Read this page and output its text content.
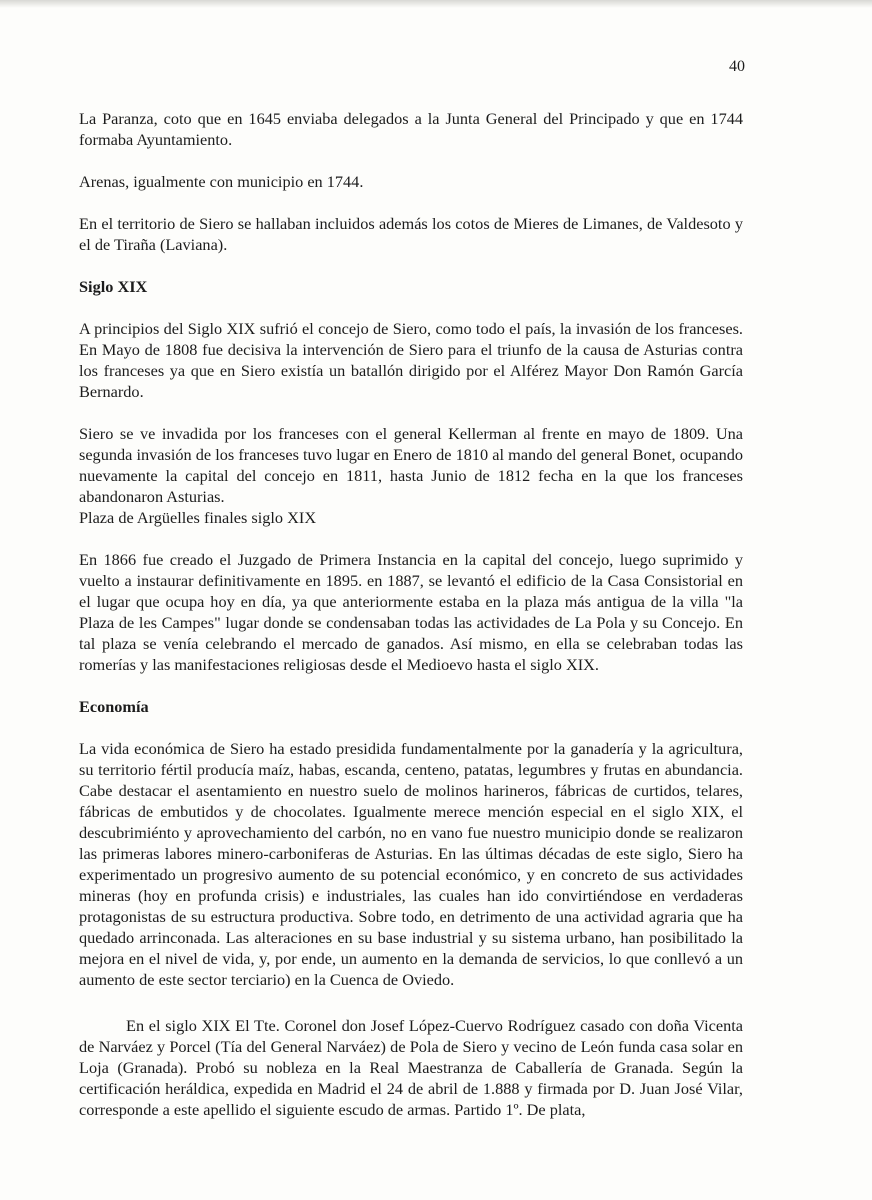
40

La Paranza, coto que en 1645 enviaba delegados a la Junta General del Principado y que en 1744 formaba Ayuntamiento.

Arenas, igualmente con municipio en 1744.

En el territorio de Siero se hallaban incluidos además los cotos de Mieres de Limanes, de Valdesoto y el de Tiraña (Laviana).

Siglo XIX

A principios del Siglo XIX sufrió el concejo de Siero, como todo el país, la invasión de los franceses. En Mayo de 1808 fue decisiva la intervención de Siero para el triunfo de la causa de Asturias contra los franceses ya que en Siero existía un batallón dirigido por el Alférez Mayor Don Ramón García Bernardo.

Siero se ve invadida por los franceses con el general Kellerman al frente en mayo de 1809. Una segunda invasión de los franceses tuvo lugar en Enero de 1810 al mando del general Bonet, ocupando nuevamente la capital del concejo en 1811, hasta Junio de 1812 fecha en la que los franceses abandonaron Asturias.

Plaza de Argüelles finales siglo XIX

En 1866 fue creado el Juzgado de Primera Instancia en la capital del concejo, luego suprimido y vuelto a instaurar definitivamente en 1895. en 1887, se levantó el edificio de la Casa Consistorial en el lugar que ocupa hoy en día, ya que anteriormente estaba en la plaza más antigua de la villa "la Plaza de les Campes" lugar donde se condensaban todas las actividades de La Pola y su Concejo. En tal plaza se venía celebrando el mercado de ganados. Así mismo, en ella se celebraban todas las romerías y las manifestaciones religiosas desde el Medioevo hasta el siglo XIX.

Economía

La vida económica de Siero ha estado presidida fundamentalmente por la ganadería y la agricultura, su territorio fértil producía maíz, habas, escanda, centeno, patatas, legumbres y frutas en abundancia. Cabe destacar el asentamiento en nuestro suelo de molinos harineros, fábricas de curtidos, telares, fábricas de embutidos y de chocolates. Igualmente merece mención especial en el siglo XIX, el descubrimiénto y aprovechamiento del carbón, no en vano fue nuestro municipio donde se realizaron las primeras labores minero-carboniferas de Asturias. En las últimas décadas de este siglo, Siero ha experimentado un progresivo aumento de su potencial económico, y en concreto de sus actividades mineras (hoy en profunda crisis) e industriales, las cuales han ido convirtiéndose en verdaderas protagonistas de su estructura productiva. Sobre todo, en detrimento de una actividad agraria que ha quedado arrinconada. Las alteraciones en su base industrial y su sistema urbano, han posibilitado la mejora en el nivel de vida, y, por ende, un aumento en la demanda de servicios, lo que conllevó a un aumento de este sector terciario) en la Cuenca de Oviedo.

En el siglo XIX El Tte. Coronel don Josef López-Cuervo Rodríguez casado con doña Vicenta de Narváez y Porcel (Tía del General Narváez) de Pola de Siero y vecino de León funda casa solar en Loja (Granada). Probó su nobleza en la Real Maestranza de Caballería de Granada. Según la certificación heráldica, expedida en Madrid el 24 de abril de 1.888 y firmada por D. Juan José Vilar, corresponde a este apellido el siguiente escudo de armas. Partido 1º. De plata,
